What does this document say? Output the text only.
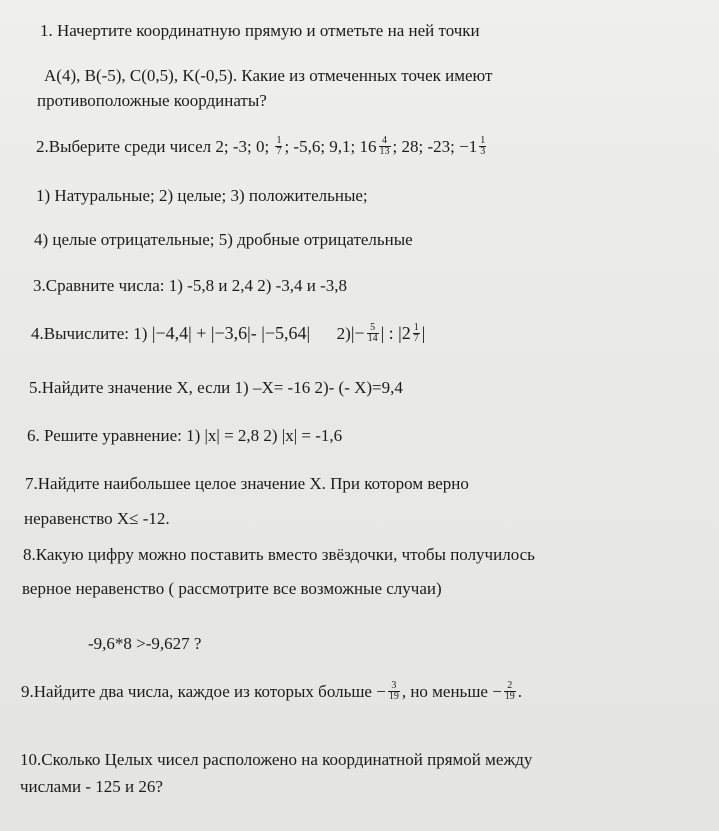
1. Начертите координатную прямую и отметьте на ней точки
A(4), B(-5), C(0,5), K(-0,5). Какие из отмеченных точек имеют
противоположные координаты?
2.Выберите среди чисел 2; -3; 0; $\frac{1}{7}$ ; -5,6; 9,1; $16 \frac{4}{13}$ ; 28; -23; $-1 \frac{1}{3}$
1) Натуральные; 2) целые; 3) положительные;
4) целые отрицательные; 5) дробные отрицательные
3.Сравните числа: 1) -5,8 и 2,4 2) -3,4 и -3,8
4.Вычислите: 1) |−4,4| + |−3,6|- |−5,64| $2)|- \frac{5}{14}$ | : $|2 \frac{1}{7}$ |
5.Найдите значение X, если 1) –X= -16 2)- (- X)=9,4
6. Решите уравнение: 1) |x| = 2,8 2) |x| = -1,6
7.Найдите наибольшее целое значение X. При котором верно
неравенство X≤ -12.
8.Какую цифру можно поставить вместо звёздочки, чтобы получилось
верное неравенство ( рассмотрите все возможные случаи)
-9,6*8 >-9,627 ?
9.Найдите два числа, каждое из которых больше − $\frac{3}{19}$ , но меньше − $\frac{2}{19}$ .
10.Сколько Целых чисел расположено на координатной прямой между
числами - 125 и 26?
